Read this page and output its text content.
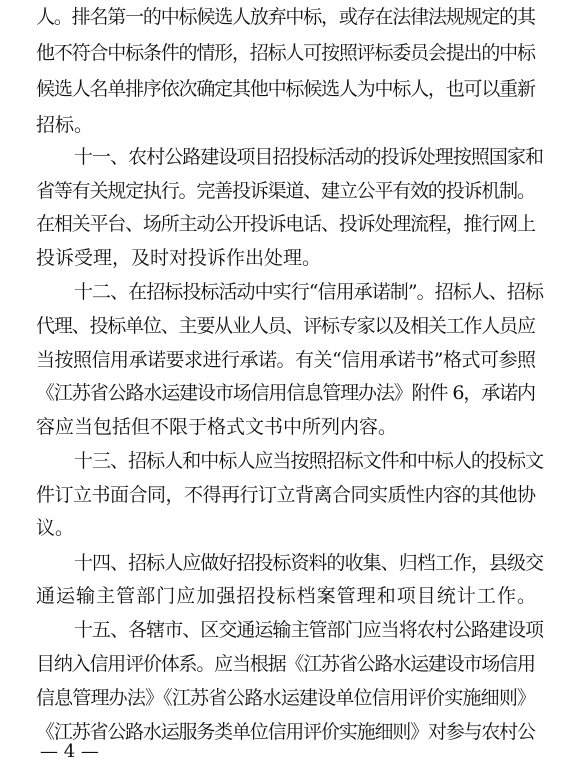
人。排名第一的中标候选人放弃中标，或存在法律法规规定的其
他不符合中标条件的情形，招标人可按照评标委员会提出的中标
候选人名单排序依次确定其他中标候选人为中标人，也可以重新
招标。
十一、农村公路建设项目招投标活动的投诉处理按照国家和
省等有关规定执行。完善投诉渠道、建立公平有效的投诉机制。
在相关平台、场所主动公开投诉电话、投诉处理流程，推行网上
投诉受理，及时对投诉作出处理。
十二、在招标投标活动中实行“信用承诺制”。招标人、招标
代理、投标单位、主要从业人员、评标专家以及相关工作人员应
当按照信用承诺要求进行承诺。有关“信用承诺书”格式可参照
《江苏省公路水运建设市场信用信息管理办法》附件 6，承诺内
容应当包括但不限于格式文书中所列内容。
十三、招标人和中标人应当按照招标文件和中标人的投标文
件订立书面合同，不得再行订立背离合同实质性内容的其他协
议。
十四、招标人应做好招投标资料的收集、归档工作，县级交
通运输主管部门应加强招投标档案管理和项目统计工作。
十五、各辖市、区交通运输主管部门应当将农村公路建设项
目纳入信用评价体系。应当根据《江苏省公路水运建设市场信用
信息管理办法》《江苏省公路水运建设单位信用评价实施细则》
《江苏省公路水运服务类单位信用评价实施细则》对参与农村公
— 4 —
